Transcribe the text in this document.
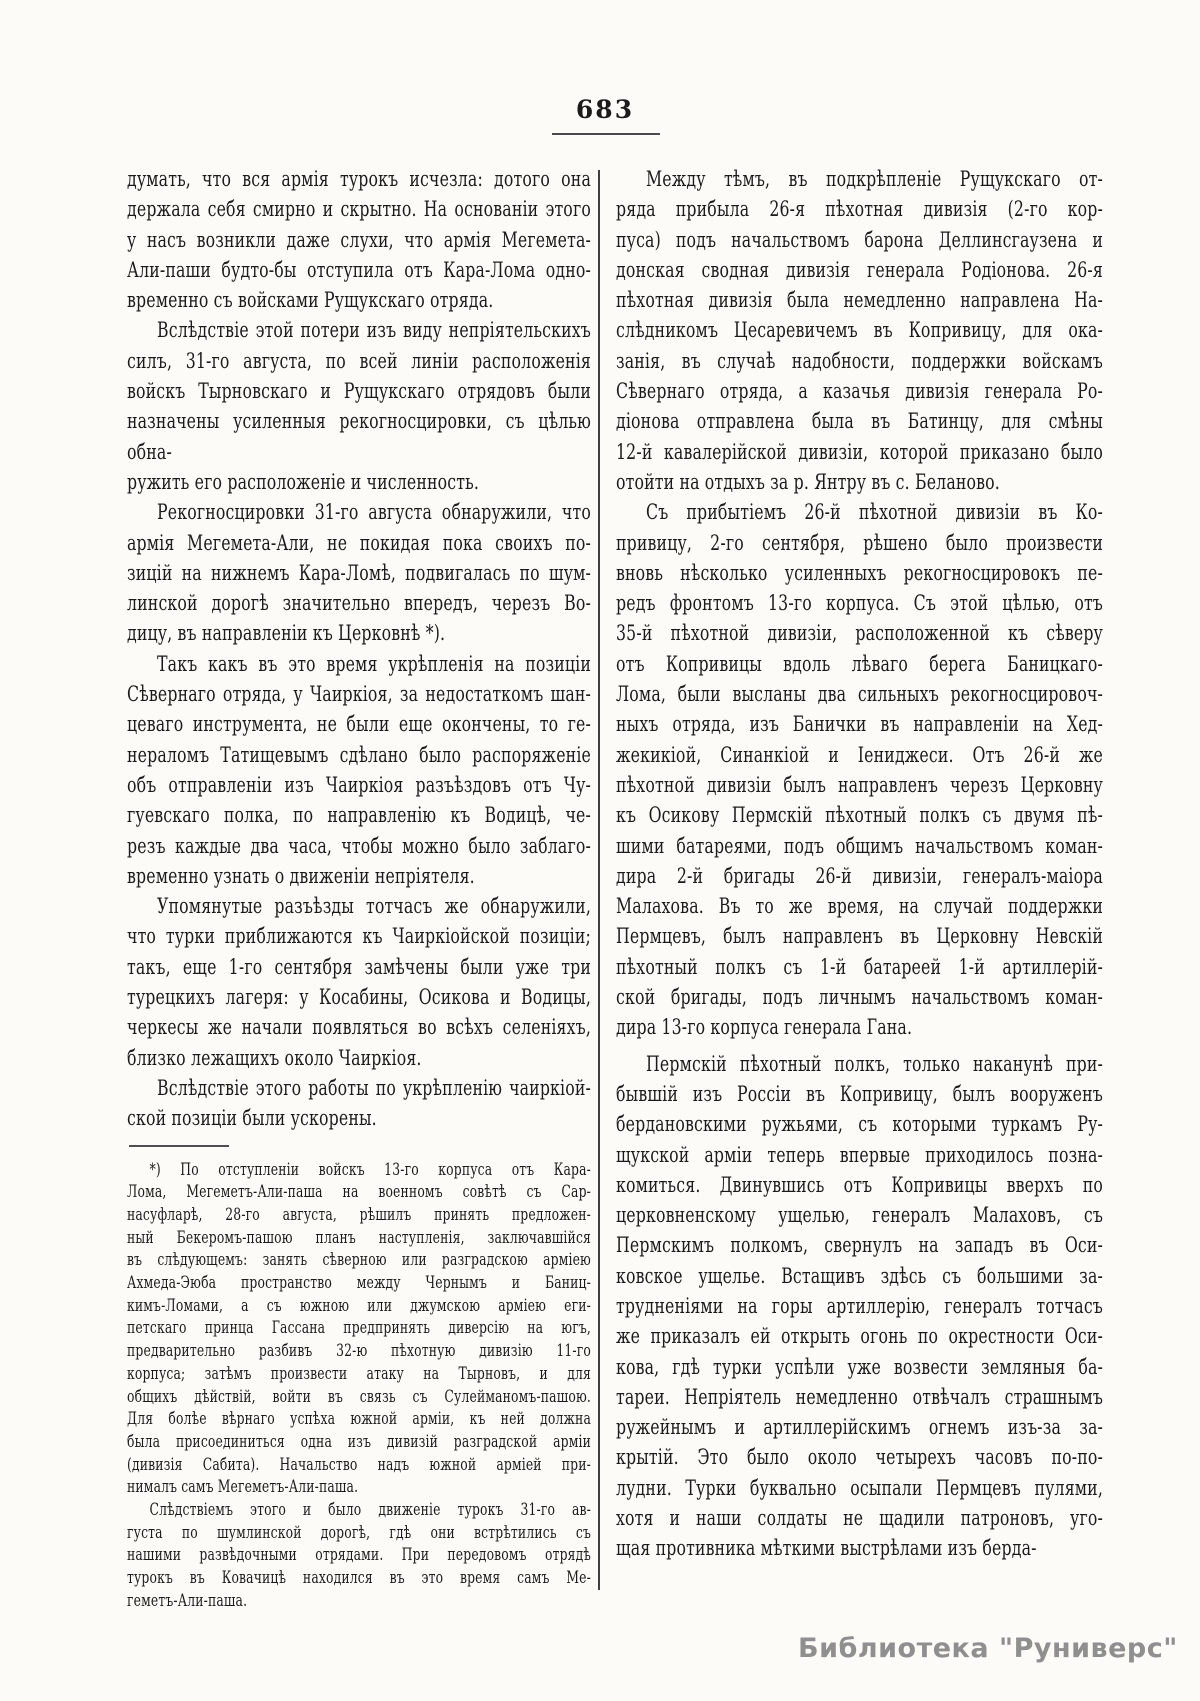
683
думать, что вся армія турокъ исчезла: дотого она
держала себя смирно и скрытно. На основаніи этого
у насъ возникли даже слухи, что армія Мегемета-
Али-паши будто-бы отступила отъ Кара-Лома одно-
временно съ войсками Рущукскаго отряда.
Вслѣдствіе этой потери изъ виду непріятельскихъ
силъ, 31-го августа, по всей линіи расположенія
войскъ Тырновскаго и Рущукскаго отрядовъ были
назначены усиленныя рекогносцировки, съ цѣлью обна-
ружить его расположеніе и численность.
Рекогносцировки 31-го августа обнаружили, что
армія Мегемета-Али, не покидая пока своихъ по-
зицій на нижнемъ Кара-Ломѣ, подвигалась по шум-
линской дорогѣ значительно впередъ, черезъ Во-
дицу, въ направленіи къ Церковнѣ *).
Такъ какъ въ это время укрѣпленія на позиціи
Сѣвернаго отряда, у Чаиркіоя, за недостаткомъ шан-
цеваго инструмента, не были еще окончены, то ге-
нераломъ Татищевымъ сдѣлано было распоряженіе
объ отправленіи изъ Чаиркіоя разъѣздовъ отъ Чу-
гуевскаго полка, по направленію къ Водицѣ, че-
резъ каждые два часа, чтобы можно было заблаго-
временно узнать о движеніи непріятеля.
Упомянутые разъѣзды тотчасъ же обнаружили,
что турки приближаются къ Чаиркіойской позиціи;
такъ, еще 1-го сентября замѣчены были уже три
турецкихъ лагеря: у Косабины, Осикова и Водицы,
черкесы же начали появляться во всѣхъ селеніяхъ,
близко лежащихъ около Чаиркіоя.
Вслѣдствіе этого работы по укрѣпленію чаиркіой-
ской позиціи были ускорены.
*) По отступленіи войскъ 13-го корпуса отъ Кара-
Лома, Мегеметъ-Али-паша на военномъ совѣтѣ съ Сар-
насуфларѣ, 28-го августа, рѣшилъ принять предложен-
ный Бекеромъ-пашою планъ наступленія, заключавшійся
въ слѣдующемъ: занять сѣверною или разградскою арміею
Ахмеда-Эюба пространство между Чернымъ и Баниц-
кимъ-Ломами, а съ южною или джумскою арміею еги-
петскаго принца Гассана предпринять диверсію на югъ,
предварительно разбивъ 32-ю пѣхотную дивизію 11-го
корпуса; затѣмъ произвести атаку на Тырновъ, и для
общихъ дѣйствій, войти въ связь съ Сулейманомъ-пашою.
Для болѣе вѣрнаго успѣха южной арміи, къ ней должна
была присоединиться одна изъ дивизій разградской арміи
(дивизія Сабита). Начальство надъ южной арміей при-
нималъ самъ Мегеметъ-Али-паша.
Слѣдствіемъ этого и было движеніе турокъ 31-го ав-
густа по шумлинской дорогѣ, гдѣ они встрѣтились съ
нашими развѣдочными отрядами. При передовомъ отрядѣ
турокъ въ Ковачицѣ находился въ это время самъ Ме-
геметъ-Али-паша.
Между тѣмъ, въ подкрѣпленіе Рущукскаго от-
ряда прибыла 26-я пѣхотная дивизія (2-го кор-
пуса) подъ начальствомъ барона Деллинсгаузена и
донская сводная дивизія генерала Родіонова. 26-я
пѣхотная дивизія была немедленно направлена На-
слѣдникомъ Цесаревичемъ въ Копривицу, для ока-
занія, въ случаѣ надобности, поддержки войскамъ
Сѣвернаго отряда, а казачья дивизія генерала Ро-
діонова отправлена была въ Батинцу, для смѣны
12-й кавалерійской дивизіи, которой приказано было
отойти на отдыхъ за р. Янтру въ с. Беланово.
Съ прибытіемъ 26-й пѣхотной дивизіи въ Ко-
привицу, 2-го сентября, рѣшено было произвести
вновь нѣсколько усиленныхъ рекогносцировокъ пе-
редъ фронтомъ 13-го корпуса. Съ этой цѣлью, отъ
35-й пѣхотной дивизіи, расположенной къ сѣверу
отъ Копривицы вдоль лѣваго берега Баницкаго-
Лома, были высланы два сильныхъ рекогносцировоч-
ныхъ отряда, изъ Банички въ направленіи на Хед-
жекикіой, Синанкіой и Іениджеси. Отъ 26-й же
пѣхотной дивизіи былъ направленъ черезъ Церковну
къ Осикову Пермскій пѣхотный полкъ съ двумя пѣ-
шими батареями, подъ общимъ начальствомъ коман-
дира 2-й бригады 26-й дивизіи, генералъ-маіора
Малахова. Въ то же время, на случай поддержки
Пермцевъ, былъ направленъ въ Церковну Невскій
пѣхотный полкъ съ 1-й батареей 1-й артиллерій-
ской бригады, подъ личнымъ начальствомъ коман-
дира 13-го корпуса генерала Гана.
Пермскій пѣхотный полкъ, только наканунѣ при-
бывшій изъ Россіи въ Копривицу, былъ вооруженъ
бердановскими ружьями, съ которыми туркамъ Ру-
щукской арміи теперь впервые приходилось позна-
комиться. Двинувшись отъ Копривицы вверхъ по
церковненскому ущелью, генералъ Малаховъ, съ
Пермскимъ полкомъ, свернулъ на западъ въ Оси-
ковское ущелье. Встащивъ здѣсь съ большими за-
трудненіями на горы артиллерію, генералъ тотчасъ
же приказалъ ей открыть огонь по окрестности Оси-
кова, гдѣ турки успѣли уже возвести земляныя ба-
тареи. Непріятель немедленно отвѣчалъ страшнымъ
ружейнымъ и артиллерійскимъ огнемъ изъ-за за-
крытій. Это было около четырехъ часовъ по-по-
лудни. Турки буквально осыпали Пермцевъ пулями,
хотя и наши солдаты не щадили патроновъ, уго-
щая противника мѣткими выстрѣлами изъ берда-
Библиотека "Руниверс"
